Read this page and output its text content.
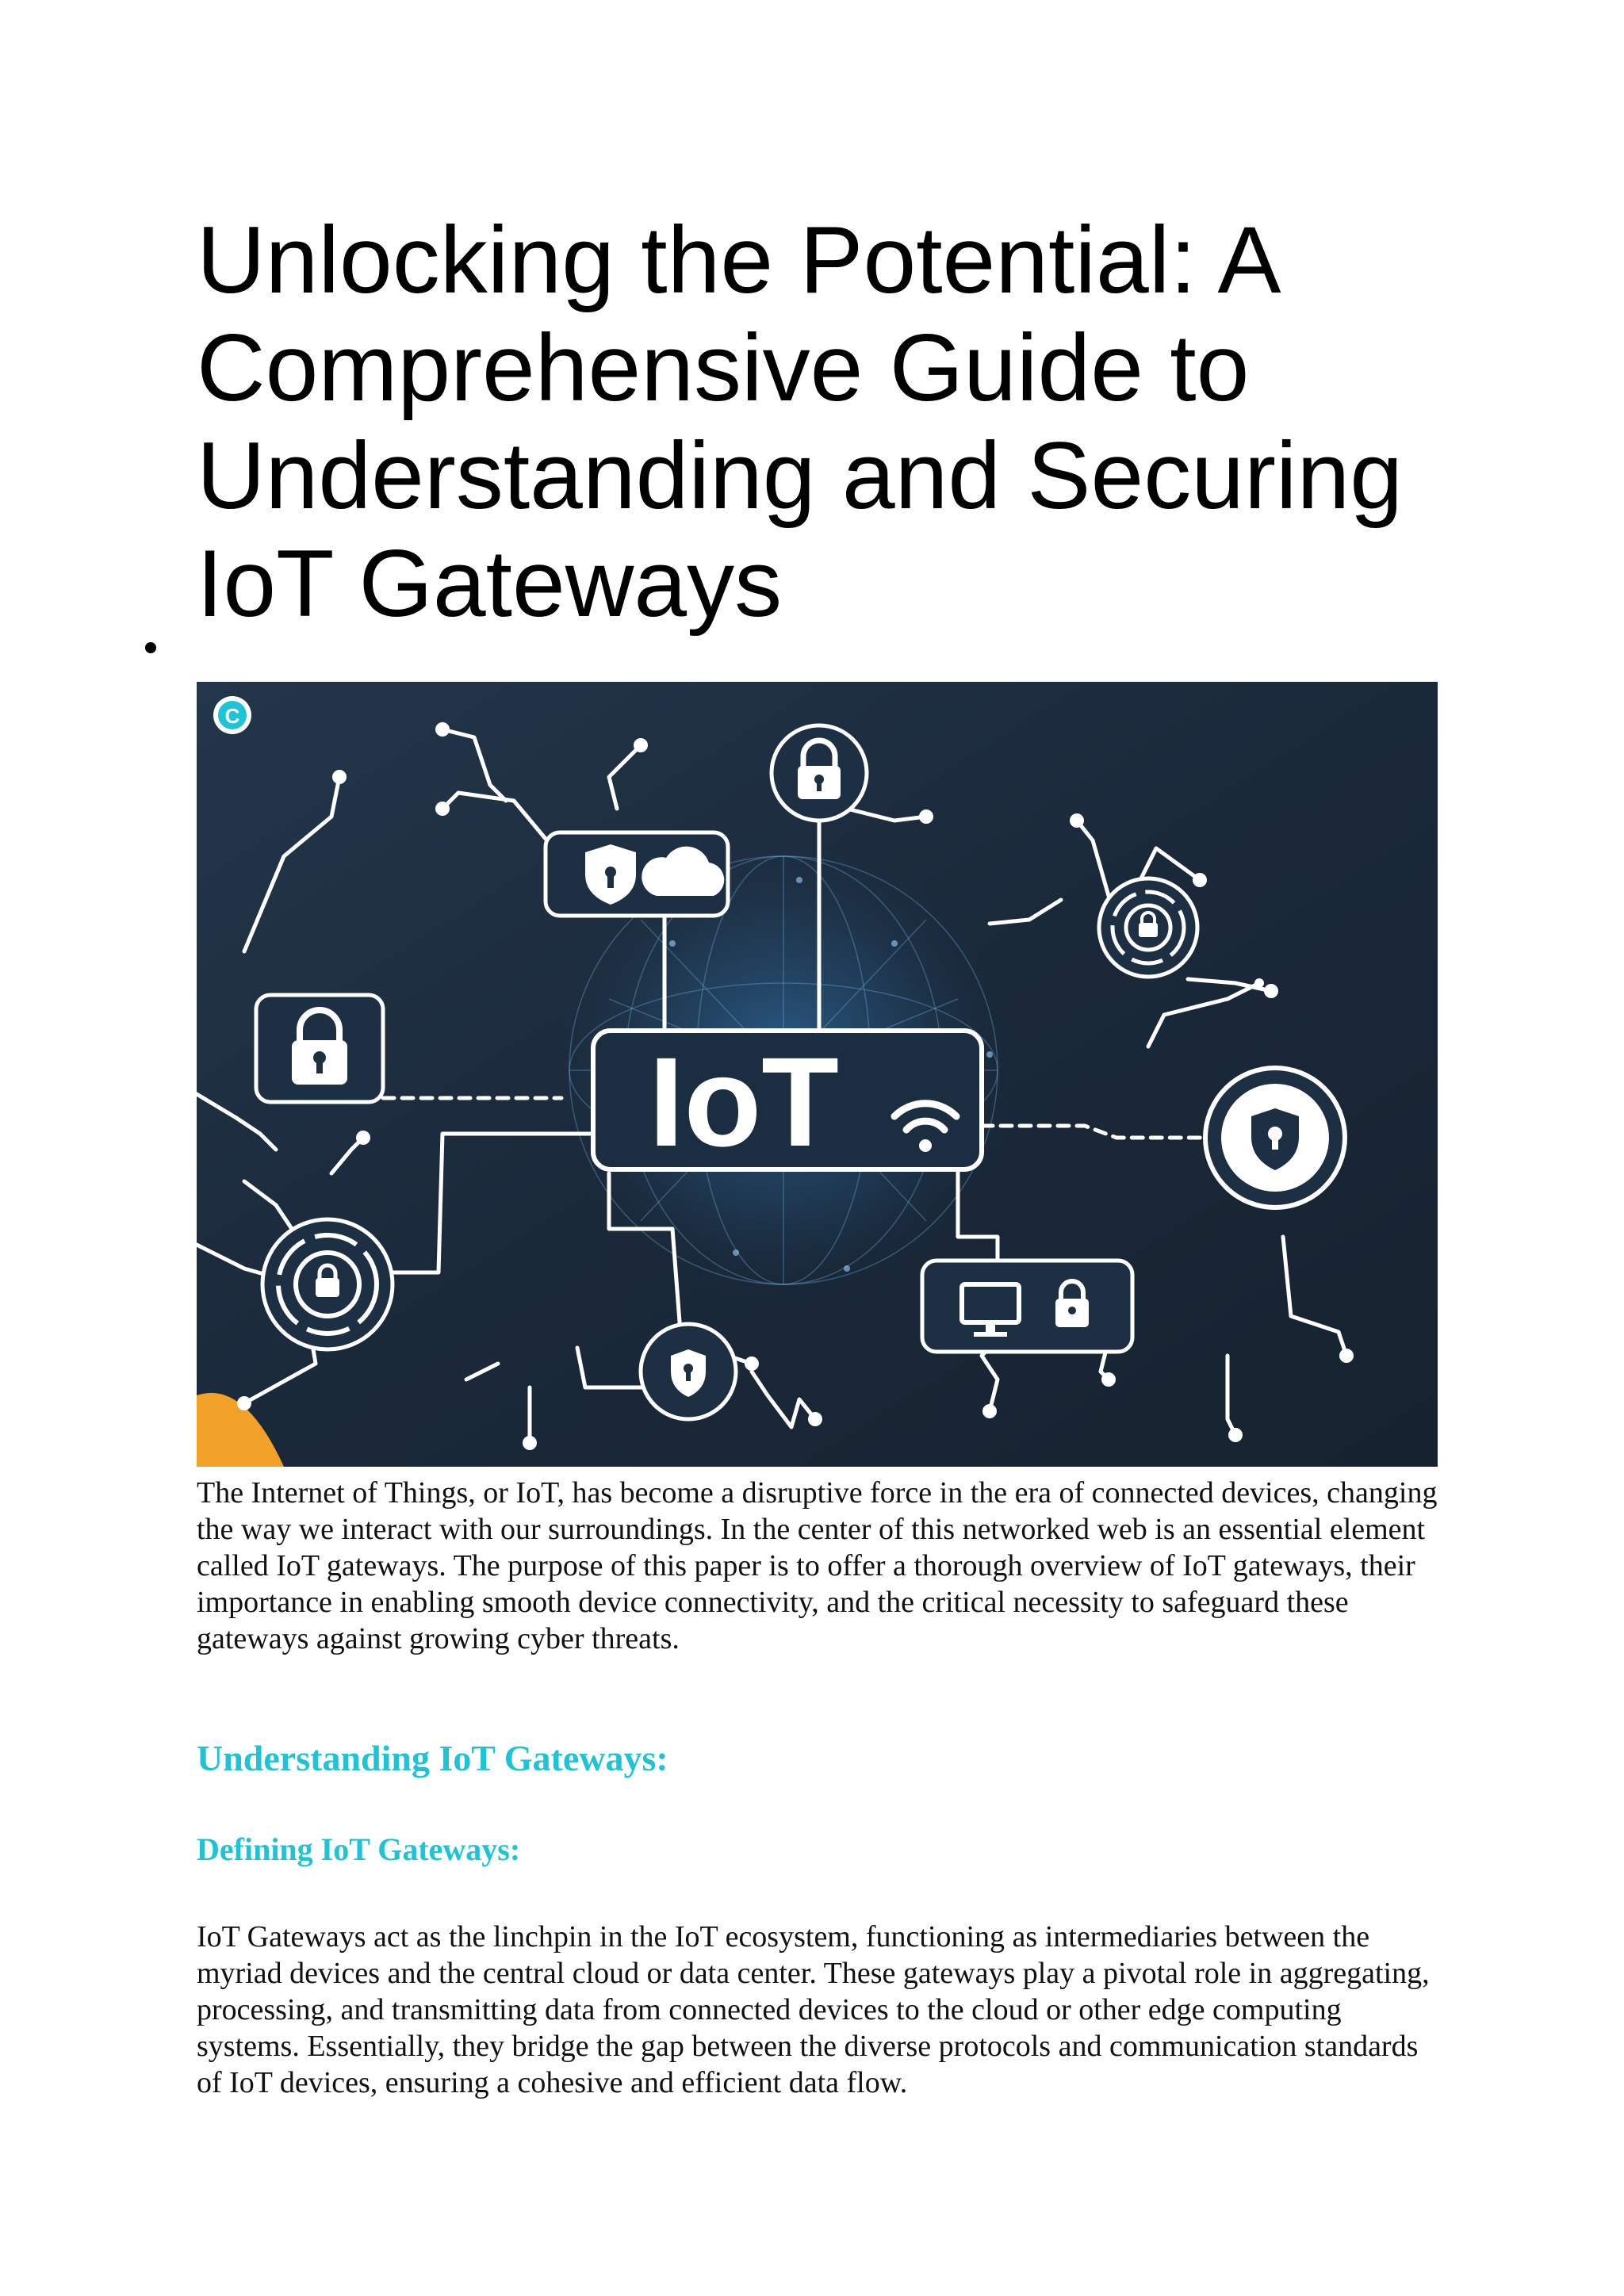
Unlocking the Potential: A Comprehensive Guide to Understanding and Securing IoT Gateways
C
IoT

The Internet of Things, or IoT, has become a disruptive force in the era of connected devices, changing the way we interact with our surroundings. In the center of this networked web is an essential element called IoT gateways. The purpose of this paper is to offer a thorough overview of IoT gateways, their importance in enabling smooth device connectivity, and the critical necessity to safeguard these gateways against growing cyber threats.

Understanding IoT Gateways:
Defining IoT Gateways:

IoT Gateways act as the linchpin in the IoT ecosystem, functioning as intermediaries between the myriad devices and the central cloud or data center. These gateways play a pivotal role in aggregating, processing, and transmitting data from connected devices to the cloud or other edge computing systems. Essentially, they bridge the gap between the diverse protocols and communication standards of IoT devices, ensuring a cohesive and efficient data flow.
